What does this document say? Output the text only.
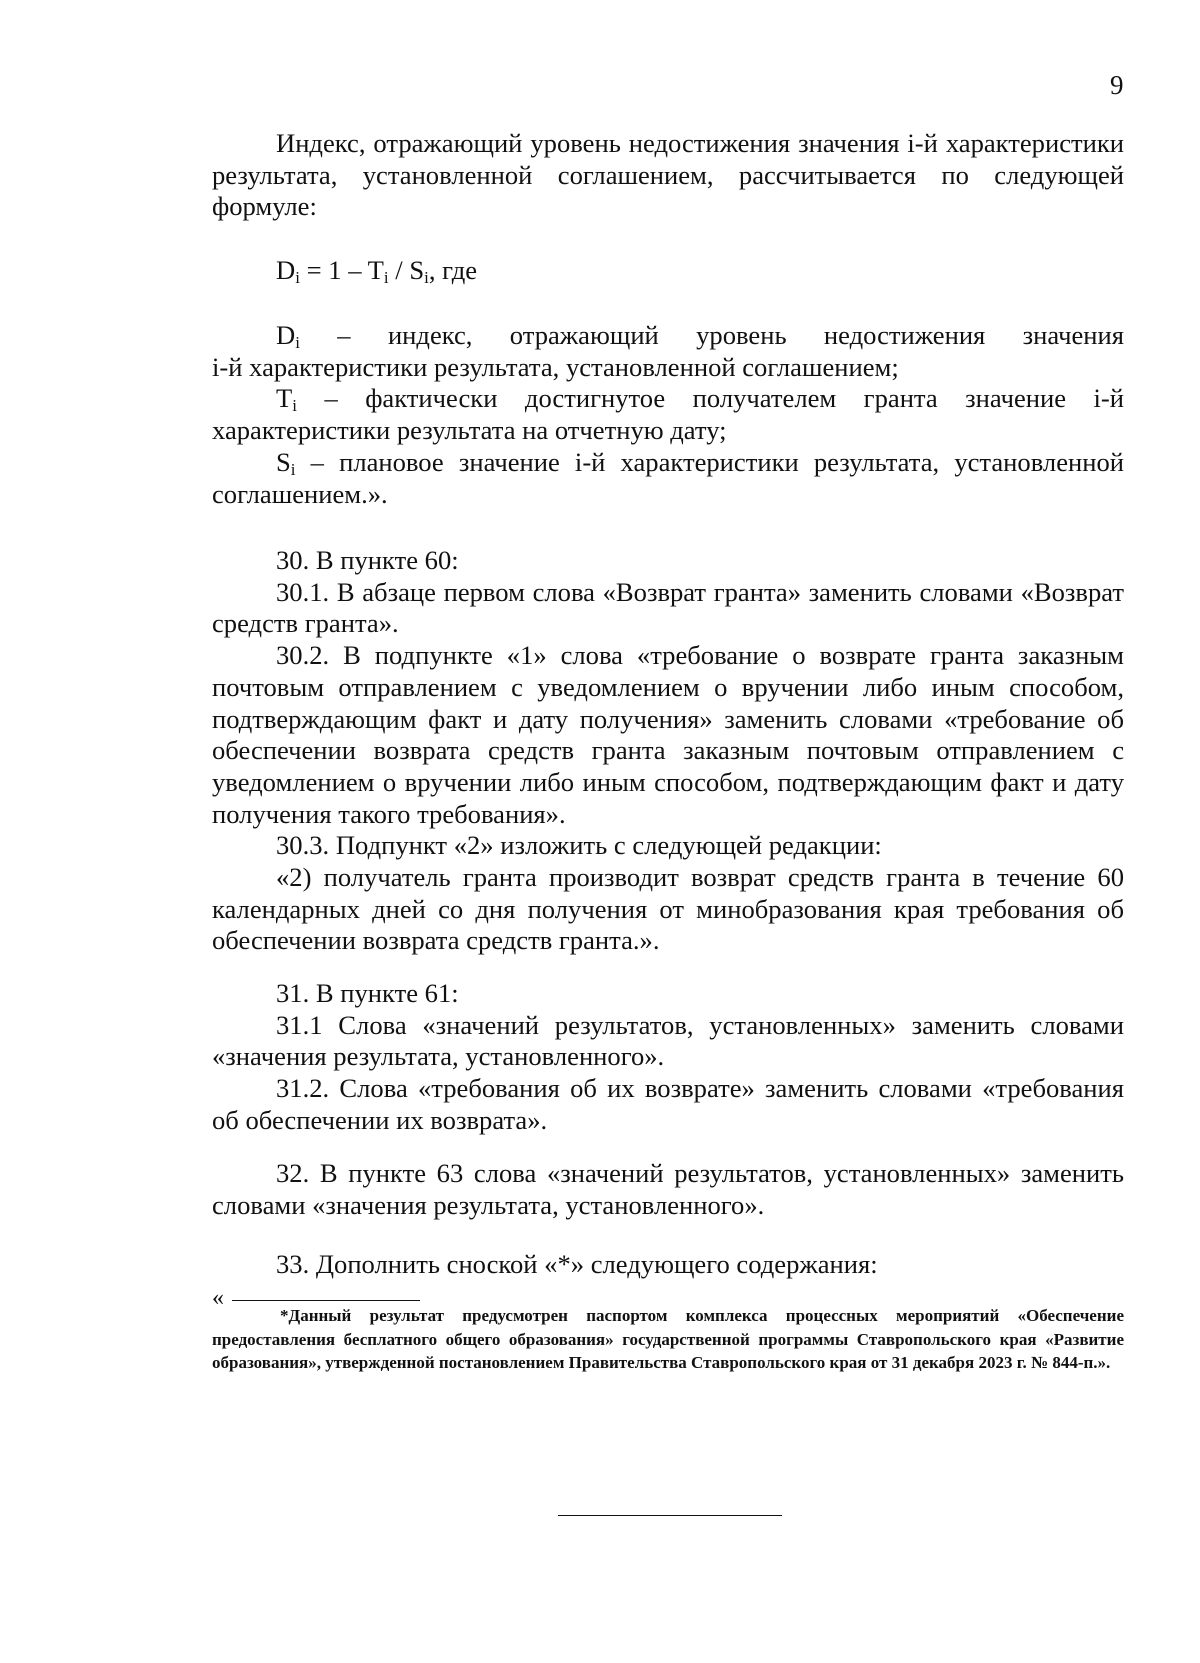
9

Индекс, отражающий уровень недостижения значения i-й характеристики результата, установленной соглашением, рассчитывается по следующей формуле:

$D_i = 1 - T_i / S_i$, где

$D_i$ – индекс, отражающий уровень недостижения значения

i-й характеристики результата, установленной соглашением;

$T_i$ – фактически достигнутое получателем гранта значение i-й характеристики результата на отчетную дату;

$S_i$ – плановое значение i-й характеристики результата, установленной соглашением.».

30. В пункте 60:

30.1. В абзаце первом слова «Возврат гранта» заменить словами «Возврат средств гранта».

30.2. В подпункте «1» слова «требование о возврате гранта заказным почтовым отправлением с уведомлением о вручении либо иным способом, подтверждающим факт и дату получения» заменить словами «требование об обеспечении возврата средств гранта заказным почтовым отправлением с уведомлением о вручении либо иным способом, подтверждающим факт и дату получения такого требования».

30.3. Подпункт «2» изложить с следующей редакции:

«2) получатель гранта производит возврат средств гранта в течение 60 календарных дней со дня получения от минобразования края требования об обеспечении возврата средств гранта.».

31. В пункте 61:

31.1 Слова «значений результатов, установленных» заменить словами «значения результата, установленного».

31.2. Слова «требования об их возврате» заменить словами «требования об обеспечении их возврата».

32. В пункте 63 слова «значений результатов, установленных» заменить словами «значения результата, установленного».

33. Дополнить сноской «*» следующего содержания:

«

*Данный результат предусмотрен паспортом комплекса процессных мероприятий «Обеспечение предоставления бесплатного общего образования» государственной программы Ставропольского края «Развитие образования», утвержденной постановлением Правительства Ставропольского края от 31 декабря 2023 г. № 844-п.».
